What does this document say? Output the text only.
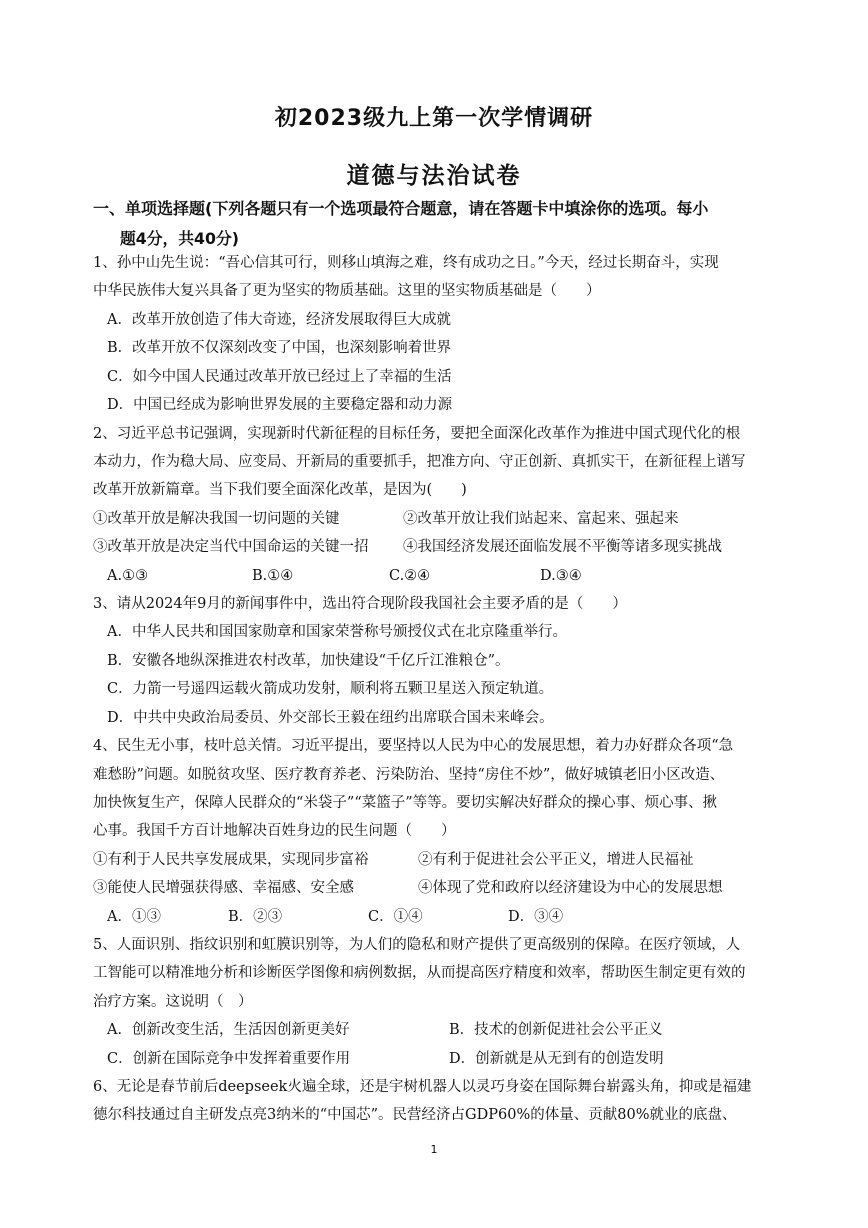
初2023级九上第一次学情调研
道德与法治试卷
一、单项选择题(下列各题只有一个选项最符合题意，请在答题卡中填涂你的选项。每小
题4分，共40分)
1、孙中山先生说：“吾心信其可行，则移山填海之难，终有成功之日。”今天，经过长期奋斗，实现
中华民族伟大复兴具备了更为坚实的物质基础。这里的坚实物质基础是（　　）
A．改革开放创造了伟大奇迹，经济发展取得巨大成就
B．改革开放不仅深刻改变了中国，也深刻影响着世界
C．如今中国人民通过改革开放已经过上了幸福的生活
D．中国已经成为影响世界发展的主要稳定器和动力源
2、习近平总书记强调，实现新时代新征程的目标任务，要把全面深化改革作为推进中国式现代化的根
本动力，作为稳大局、应变局、开新局的重要抓手，把准方向、守正创新、真抓实干，在新征程上谱写
改革开放新篇章。当下我们要全面深化改革，是因为(　　)
①改革开放是解决我国一切问题的关键	②改革开放让我们站起来、富起来、强起来
③改革开放是决定当代中国命运的关键一招 ④我国经济发展还面临发展不平衡等诸多现实挑战
A.①③	B.①④	C.②④	D.③④
3、请从2024年9月的新闻事件中，选出符合现阶段我国社会主要矛盾的是（　　）
A．中华人民共和国国家勋章和国家荣誉称号颁授仪式在北京隆重举行。
B．安徽各地纵深推进农村改革，加快建设“千亿斤江淮粮仓”。
C．力箭一号遥四运载火箭成功发射，顺利将五颗卫星送入预定轨道。
D．中共中央政治局委员、外交部长王毅在纽约出席联合国未来峰会。
4、民生无小事，枝叶总关情。习近平提出，要坚持以人民为中心的发展思想，着力办好群众各项“急
难愁盼”问题。如脱贫攻坚、医疗教育养老、污染防治、坚持“房住不炒”，做好城镇老旧小区改造、
加快恢复生产，保障人民群众的“米袋子”“菜篮子”等等。要切实解决好群众的操心事、烦心事、揪
心事。我国千方百计地解决百姓身边的民生问题（　　）
①有利于人民共享发展成果，实现同步富裕	②有利于促进社会公平正义，增进人民福祉
③能使人民增强获得感、幸福感、安全感	④体现了党和政府以经济建设为中心的发展思想
A．①③	B．②③	C．①④	D．③④
5、人面识别、指纹识别和虹膜识别等，为人们的隐私和财产提供了更高级别的保障。在医疗领域，人
工智能可以精准地分析和诊断医学图像和病例数据，从而提高医疗精度和效率，帮助医生制定更有效的
治疗方案。这说明（　）
A．创新改变生活，生活因创新更美好	B．技术的创新促进社会公平正义
C．创新在国际竞争中发挥着重要作用	D．创新就是从无到有的创造发明
6、无论是春节前后deepseek火遍全球，还是宇树机器人以灵巧身姿在国际舞台崭露头角，抑或是福建
德尔科技通过自主研发点亮3纳米的“中国芯”。民营经济占GDP60%的体量、贡献80%就业的底盘、
1
